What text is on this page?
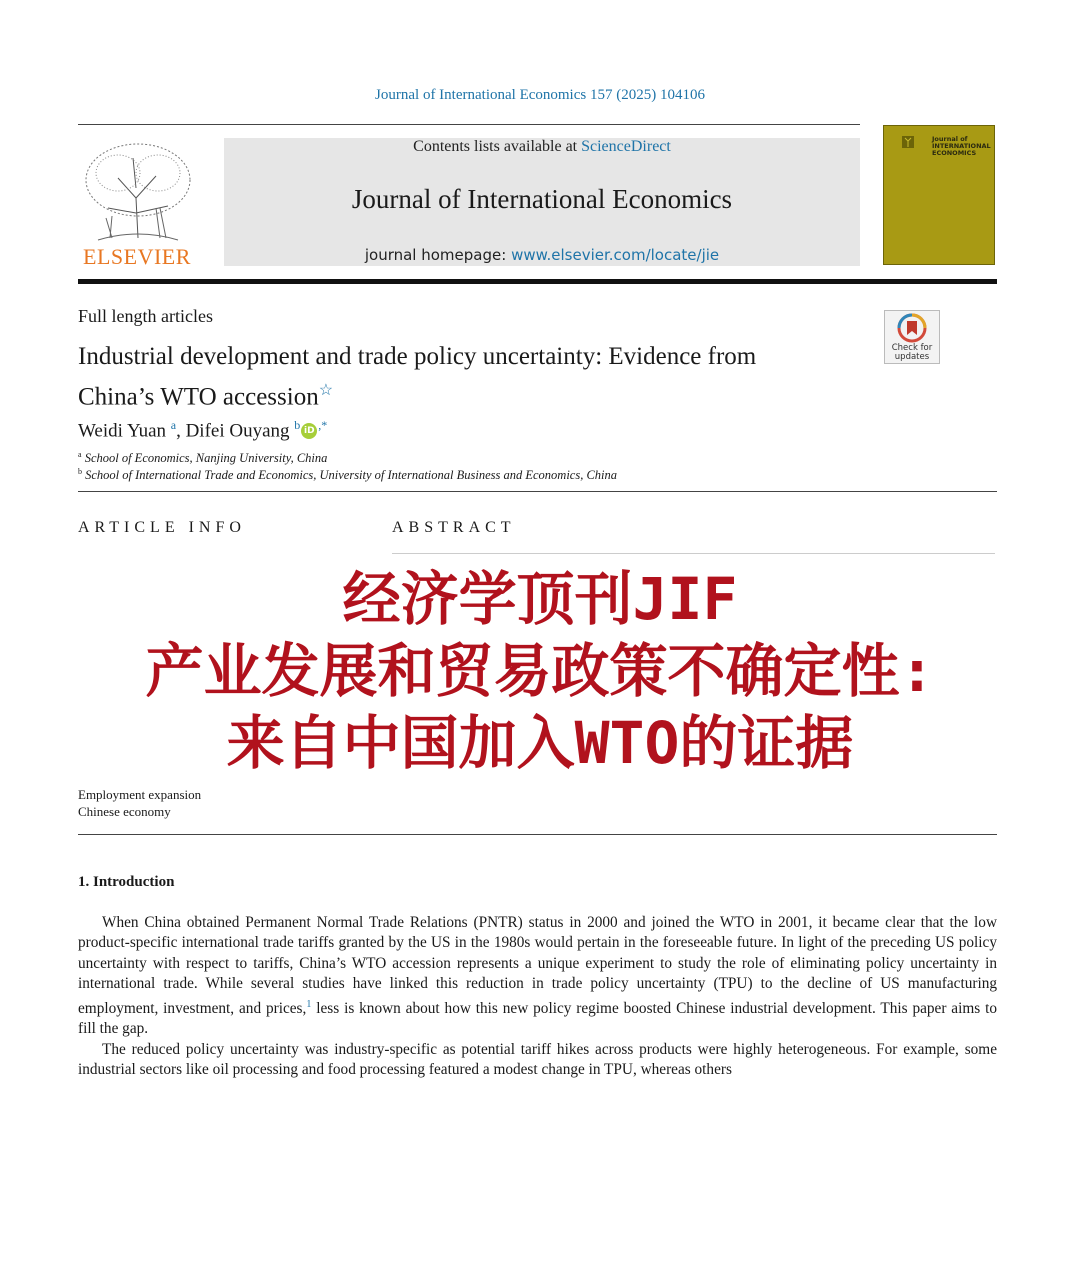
Journal of International Economics 157 (2025) 104106
ELSEVIER
Contents lists available at ScienceDirect
Journal of International Economics
journal homepage: www.elsevier.com/locate/jie
Journal of INTERNATIONAL ECONOMICS
Full length articles
Industrial development and trade policy uncertainty: Evidence from
China’s WTO accession☆
Check for updates
Weidi Yuan $^a$, Difei Ouyang $^b$ iD ,*
$^a$ School of Economics, Nanjing University, China
$^b$ School of International Trade and Economics, University of International Business and Economics, China
ARTICLE INFO	ABSTRACT
经济学顶刊JIF
产业发展和贸易政策不确定性:
来自中国加入WTO的证据
Employment expansion
Chinese economy
1. Introduction

When China obtained Permanent Normal Trade Relations (PNTR) status in 2000 and joined the WTO in 2001, it became clear that the low product-specific international trade tariffs granted by the US in the 1980s would pertain in the foreseeable future. In light of the preceding US policy uncertainty with respect to tariffs, China’s WTO accession represents a unique experiment to study the role of eliminating policy uncertainty in international trade. While several studies have linked this reduction in trade policy uncertainty (TPU) to the decline of US manufacturing employment, investment, and prices,$^1$ less is known about how this new policy regime boosted Chinese industrial development. This paper aims to fill the gap.

The reduced policy uncertainty was industry-specific as potential tariff hikes across products were highly heterogeneous. For example, some industrial sectors like oil processing and food processing featured a modest change in TPU, whereas others
